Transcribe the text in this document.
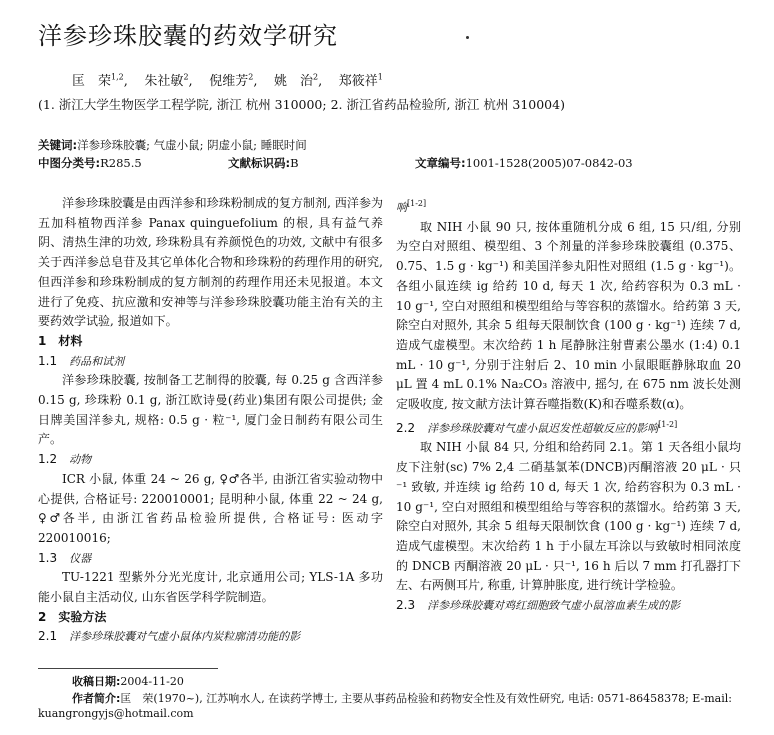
洋参珍珠胶囊的药效学研究
匡　荣$^{1,2}$,    朱社敏$^2$,    倪维芳$^2$,    姚　治$^2$,    郑筱祥$^1$
(1. 浙江大学生物医学工程学院, 浙江 杭州 310000; 2. 浙江省药品检验所, 浙江 杭州 310004)
关键词:洋参珍珠胶囊; 气虚小鼠; 阴虚小鼠; 睡眠时间
中图分类号:R285.5	文献标识码:B	文章编号:1001-1528(2005)07-0842-03

洋参珍珠胶囊是由西洋参和珍珠粉制成的复方制剂, 西洋参为五加科植物西洋参 Panax quinguefolium 的根, 具有益气养阴、清热生津的功效, 珍珠粉具有养颜悦色的功效, 文献中有很多关于西洋参总皂苷及其它单体化合物和珍珠粉的药理作用的研究, 但西洋参和珍珠粉制成的复方制剂的药理作用还未见报道。本文进行了免疫、抗应激和安神等与洋参珍珠胶囊功能主治有关的主要药效学试验, 报道如下。

1　材料

1.1　 药品和试剂

洋参珍珠胶囊, 按制备工艺制得的胶囊, 每 0.25 g 含西洋参 0.15 g, 珍珠粉 0.1 g, 浙江欧诗曼(药业)集团有限公司提供; 金日牌美国洋参丸, 规格: 0.5 g · 粒⁻¹, 厦门金日制药有限公司生产。

1.2　 动物

ICR 小鼠, 体重 24 ~ 26 g, ♀♂各半, 由浙江省实验动物中心提供, 合格证号: 220010001; 昆明种小鼠, 体重 22 ~ 24 g, ♀♂各半, 由浙江省药品检验所提供, 合格证号: 医动字 220010016;

1.3　 仪器

TU-1221 型紫外分光光度计, 北京通用公司; YLS-1A 多功能小鼠自主活动仪, 山东省医学科学院制造。

2　实验方法

2.1　 洋参珍珠胶囊对气虚小鼠体内炭粒廓清功能的影

响[1-2]

取 NIH 小鼠 90 只, 按体重随机分成 6 组, 15 只/组, 分别为空白对照组、模型组、3 个剂量的洋参珍珠胶囊组 (0.375、0.75、1.5 g · kg⁻¹) 和美国洋参丸阳性对照组 (1.5 g · kg⁻¹)。各组小鼠连续 ig 给药 10 d, 每天 1 次, 给药容积为 0.3 mL · 10 g⁻¹, 空白对照组和模型组给与等容积的蒸馏水。给药第 3 天, 除空白对照外, 其余 5 组每天限制饮食 (100 g · kg⁻¹) 连续 7 d, 造成气虚模型。末次给药 1 h 尾静脉注射曹素公墨水 (1:4) 0.1 mL · 10 g⁻¹, 分别于注射后 2、10 min 小鼠眼眶静脉取血 20 μL 置 4 mL 0.1% Na₂CO₃ 溶液中, 摇匀, 在 675 nm 波长处测定吸收度, 按文献方法计算吞噬指数(K)和吞噬系数(α)。

2.2　 洋参珍珠胶囊对气虚小鼠迟发性超敏反应的影响[1-2]

取 NIH 小鼠 84 只, 分组和给药同 2.1。第 1 天各组小鼠均皮下注射(sc) 7% 2,4 二硝基氯苯(DNCB)丙酮溶液 20 μL · 只⁻¹ 致敏, 并连续 ig 给药 10 d, 每天 1 次, 给药容积为 0.3 mL · 10 g⁻¹, 空白对照组和模型组给与等容积的蒸馏水。给药第 3 天, 除空白对照外, 其余 5 组每天限制饮食 (100 g · kg⁻¹) 连续 7 d, 造成气虚模型。末次给药 1 h 于小鼠左耳涂以与致敏时相同浓度的 DNCB 丙酮溶液 20 μL · 只⁻¹, 16 h 后以 7 mm 打孔器打下左、右两侧耳片, 称重, 计算肿胀度, 进行统计学检验。

2.3　 洋参珍珠胶囊对鸡红细胞致气虚小鼠溶血素生成的影

收稿日期:2004-11-20
作者简介:匡　荣(1970~), 江苏响水人, 在读药学博士, 主要从事药品检验和药物安全性及有效性研究, 电话: 0571-86458378; E-mail:
kuangrongyjs@hotmail.com
